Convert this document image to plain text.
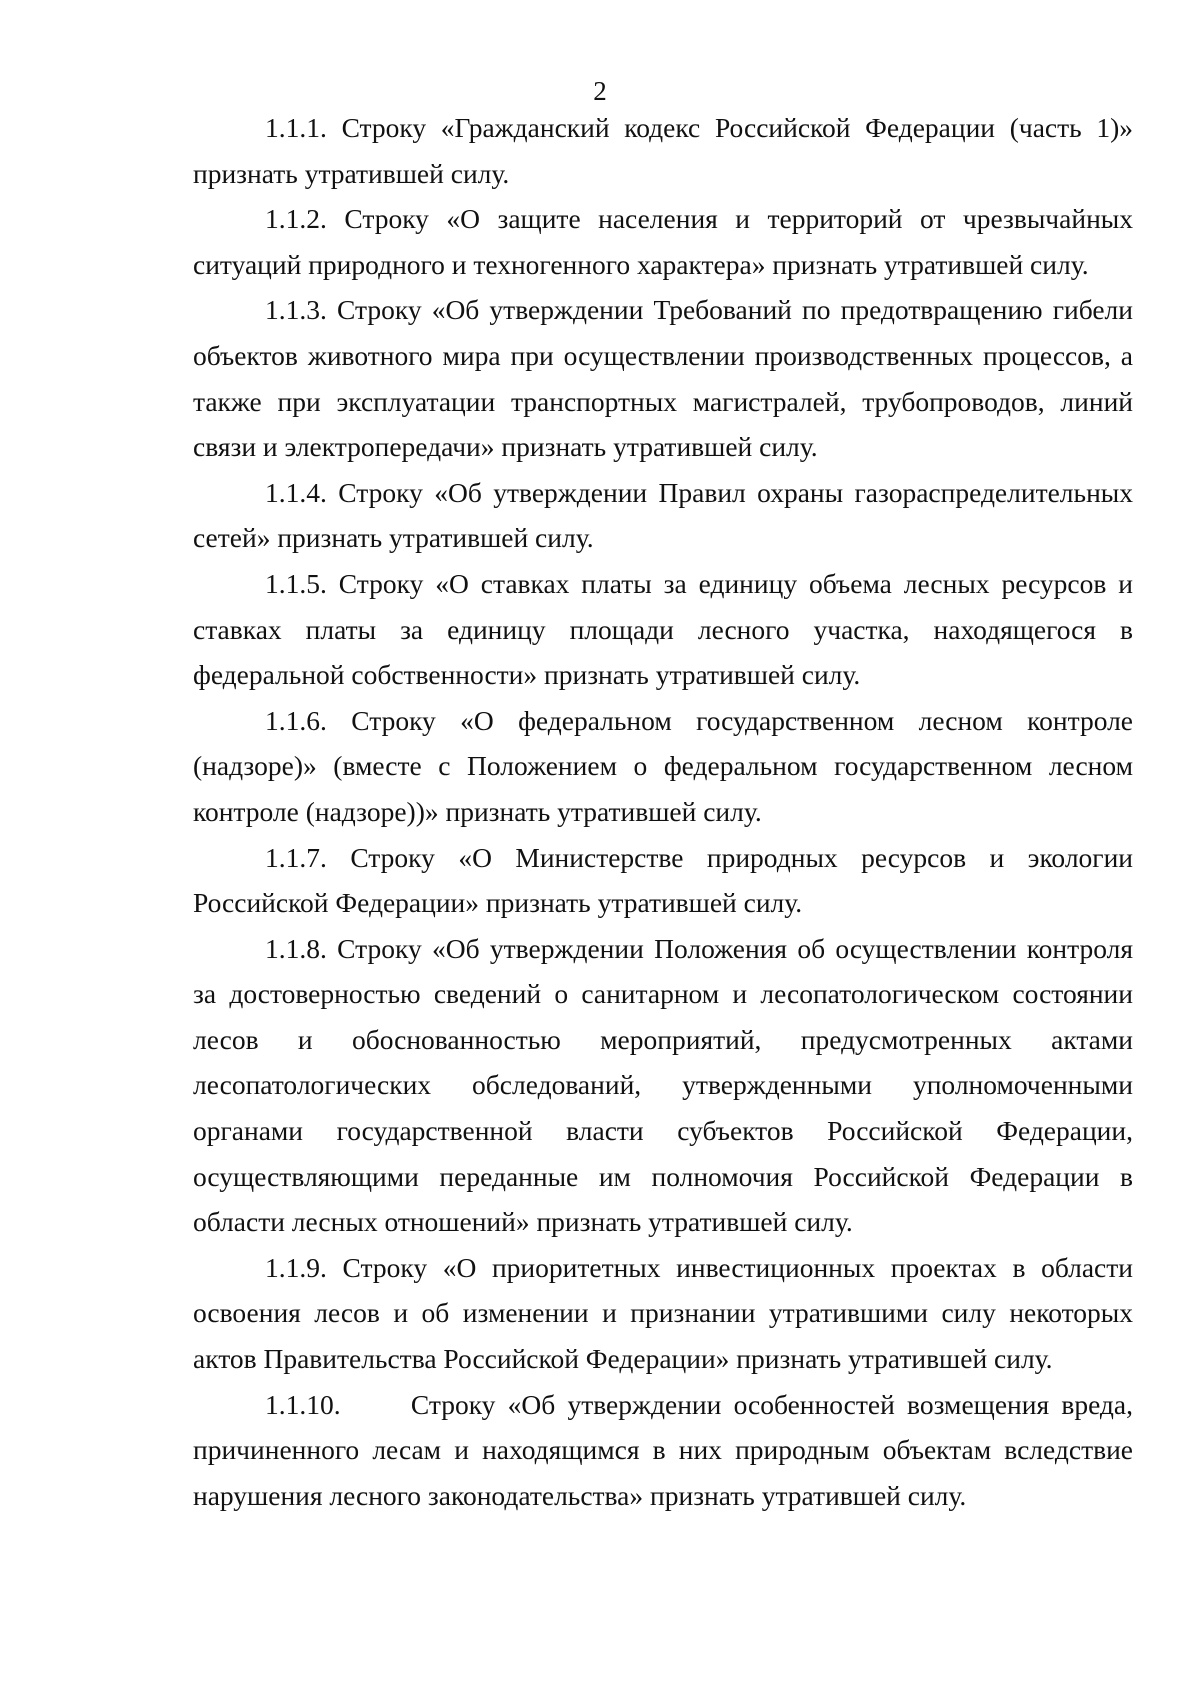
2

1.1.1. Строку «Гражданский кодекс Российской Федерации (часть 1)» признать утратившей силу.

1.1.2. Строку «О защите населения и территорий от чрезвычайных ситуаций природного и техногенного характера» признать утратившей силу.

1.1.3. Строку «Об утверждении Требований по предотвращению гибели объектов животного мира при осуществлении производственных процессов, а также при эксплуатации транспортных магистралей, трубопроводов, линий связи и электропередачи» признать утратившей силу.

1.1.4. Строку «Об утверждении Правил охраны газораспределительных сетей» признать утратившей силу.

1.1.5. Строку «О ставках платы за единицу объема лесных ресурсов и ставках платы за единицу площади лесного участка, находящегося в федеральной собственности» признать утратившей силу.

1.1.6. Строку «О федеральном государственном лесном контроле (надзоре)» (вместе с Положением о федеральном государственном лесном контроле (надзоре))» признать утратившей силу.

1.1.7. Строку «О Министерстве природных ресурсов и экологии Российской Федерации» признать утратившей силу.

1.1.8. Строку «Об утверждении Положения об осуществлении контроля за достоверностью сведений о санитарном и лесопатологическом состоянии лесов и обоснованностью мероприятий, предусмотренных актами лесопатологических обследований, утвержденными уполномоченными органами государственной власти субъектов Российской Федерации, осуществляющими переданные им полномочия Российской Федерации в области лесных отношений» признать утратившей силу.

1.1.9. Строку «О приоритетных инвестиционных проектах в области освоения лесов и об изменении и признании утратившими силу некоторых актов Правительства Российской Федерации» признать утратившей силу.

1.1.10.	Строку «Об утверждении особенностей возмещения вреда, причиненного лесам и находящимся в них природным объектам вследствие нарушения лесного законодательства» признать утратившей силу.
